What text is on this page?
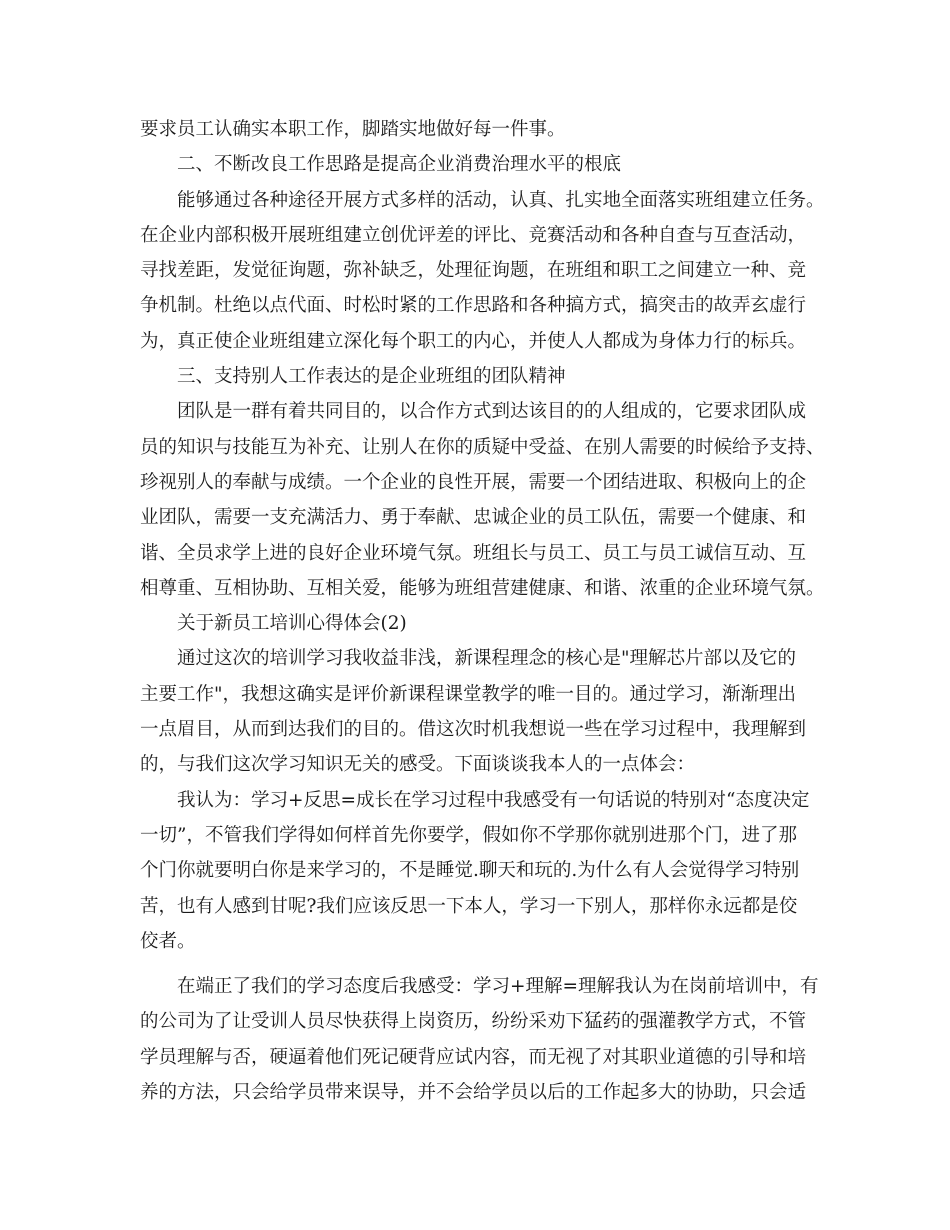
要求员工认确实本职工作，脚踏实地做好每一件事。
二、不断改良工作思路是提高企业消费治理水平的根底
能够通过各种途径开展方式多样的活动，认真、扎实地全面落实班组建立任务。
在企业内部积极开展班组建立创优评差的评比、竞赛活动和各种自查与互查活动，
寻找差距，发觉征询题，弥补缺乏，处理征询题，在班组和职工之间建立一种、竞
争机制。杜绝以点代面、时松时紧的工作思路和各种搞方式，搞突击的故弄玄虚行
为，真正使企业班组建立深化每个职工的内心，并使人人都成为身体力行的标兵。
三、支持别人工作表达的是企业班组的团队精神
团队是一群有着共同目的，以合作方式到达该目的的人组成的，它要求团队成
员的知识与技能互为补充、让别人在你的质疑中受益、在别人需要的时候给予支持、
珍视别人的奉献与成绩。一个企业的良性开展，需要一个团结进取、积极向上的企
业团队，需要一支充满活力、勇于奉献、忠诚企业的员工队伍，需要一个健康、和
谐、全员求学上进的良好企业环境气氛。班组长与员工、员工与员工诚信互动、互
相尊重、互相协助、互相关爱，能够为班组营建健康、和谐、浓重的企业环境气氛。
关于新员工培训心得体会(2)
通过这次的培训学习我收益非浅，新课程理念的核心是"理解芯片部以及它的
主要工作"，我想这确实是评价新课程课堂教学的唯一目的。通过学习，渐渐理出
一点眉目，从而到达我们的目的。借这次时机我想说一些在学习过程中，我理解到
的，与我们这次学习知识无关的感受。下面谈谈我本人的一点体会：
我认为：学习+反思=成长在学习过程中我感受有一句话说的特别对“态度决定
一切”，不管我们学得如何样首先你要学，假如你不学那你就别进那个门，进了那
个门你就要明白你是来学习的，不是睡觉.聊天和玩的.为什么有人会觉得学习特别
苦，也有人感到甘呢?我们应该反思一下本人，学习一下别人，那样你永远都是佼
佼者。
在端正了我们的学习态度后我感受：学习+理解=理解我认为在岗前培训中，有
的公司为了让受训人员尽快获得上岗资历，纷纷采劝下猛药的强灌教学方式，不管
学员理解与否，硬逼着他们死记硬背应试内容，而无视了对其职业道德的引导和培
养的方法，只会给学员带来误导，并不会给学员以后的工作起多大的协助，只会适
